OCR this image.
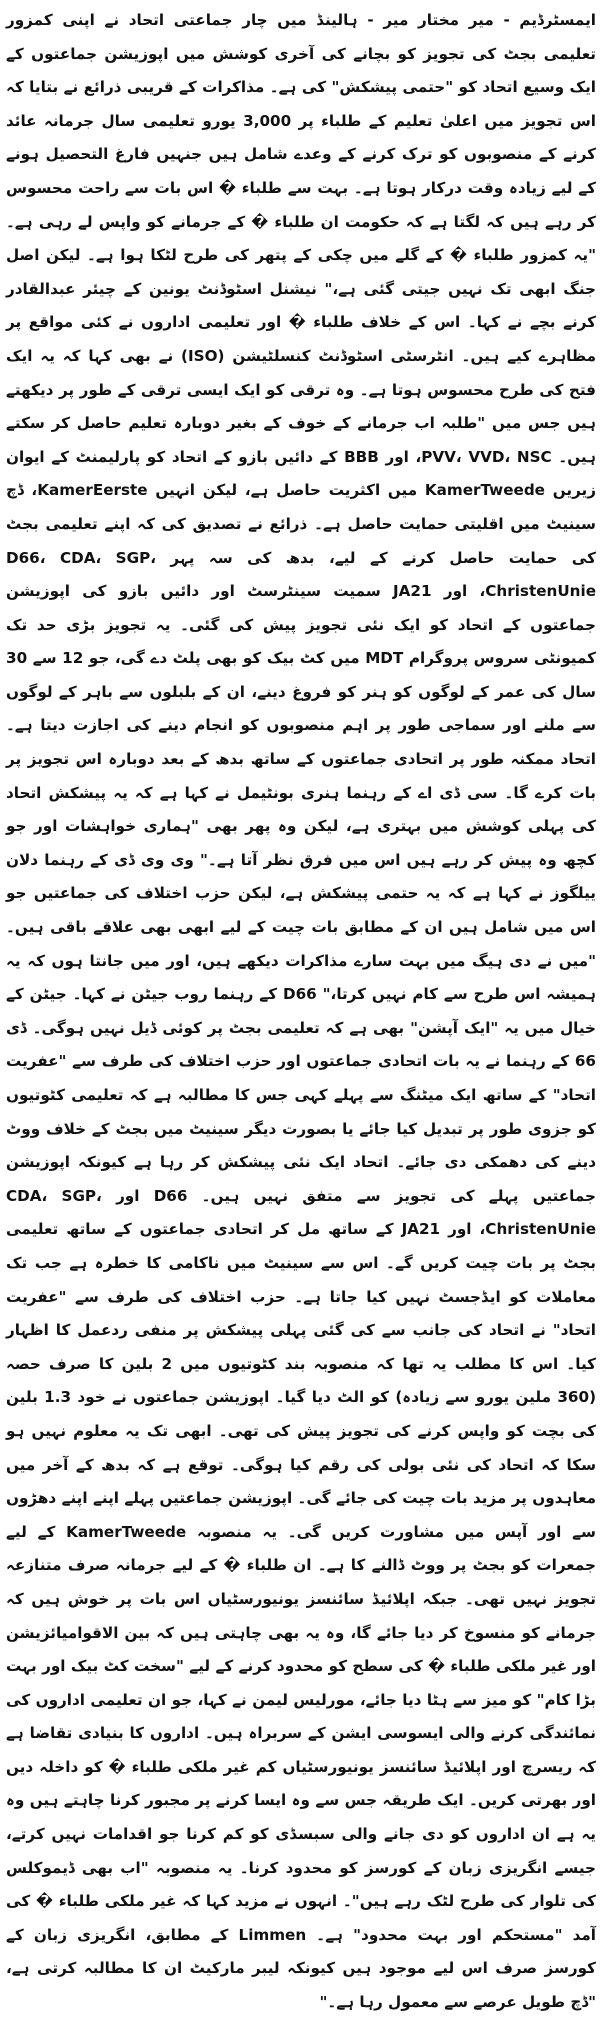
ایمسٹرڈیم - میر مختار میر - ہالینڈ میں چار جماعتی اتحاد نے اپنی کمزور تعلیمی بجٹ کی تجویز کو بچانے کی آخری کوشش میں اپوزیشن جماعتوں کے ایک وسیع اتحاد کو "حتمی پیشکش" کی ہے۔ مذاکرات کے قریبی ذرائع نے بتایا کہ اس تجویز میں اعلیٰ تعلیم کے طلباء پر 3,000 یورو تعلیمی سال جرمانہ عائد کرنے کے منصوبوں کو ترک کرنے کے وعدے شامل ہیں جنہیں فارغ التحصیل ہونے کے لیے زیادہ وقت درکار ہوتا ہے۔ بہت سے طلباء � اس بات سے راحت محسوس کر رہے ہیں کہ لگتا ہے کہ حکومت ان طلباء � کے جرمانے کو واپس لے رہی ہے۔ "یہ کمزور طلباء � کے گلے میں چکی کے پتھر کی طرح لٹکا ہوا ہے۔ لیکن اصل جنگ ابھی تک نہیں جیتی گئی ہے،" نیشنل اسٹوڈنٹ یونین کے چیئر عبدالقادر کرنے بچے نے کہا۔ اس کے خلاف طلباء � اور تعلیمی اداروں نے کئی مواقع پر مظاہرے کیے ہیں۔ انٹرسٹی اسٹوڈنٹ کنسلٹیشن (ISO) نے بھی کہا کہ یہ ایک فتح کی طرح محسوس ہوتا ہے۔ وہ ترقی کو ایک ایسی ترقی کے طور پر دیکھتے ہیں جس میں "طلبہ اب جرمانے کے خوف کے بغیر دوبارہ تعلیم حاصل کر سکتے ہیں۔ PVV، VVD، NSC، اور BBB کے دائیں بازو کے اتحاد کو پارلیمنٹ کے ایوان زیریں KamerTweede میں اکثریت حاصل ہے، لیکن انہیں KamerEerste، ڈچ سینیٹ میں اقلیتی حمایت حاصل ہے۔ ذرائع نے تصدیق کی کہ اپنے تعلیمی بجٹ کی حمایت حاصل کرنے کے لیے، بدھ کی سہ پہر D66، CDA، SGP، ChristenUnie، اور JA21 سمیت سینٹرسٹ اور دائیں بازو کی اپوزیشن جماعتوں کے اتحاد کو ایک نئی تجویز پیش کی گئی۔ یہ تجویز بڑی حد تک کمیونٹی سروس پروگرام MDT میں کٹ بیک کو بھی پلٹ دے گی، جو 12 سے 30 سال کی عمر کے لوگوں کو ہنر کو فروغ دینے، ان کے بلبلوں سے باہر کے لوگوں سے ملنے اور سماجی طور پر اہم منصوبوں کو انجام دینے کی اجازت دیتا ہے۔ اتحاد ممکنہ طور پر اتحادی جماعتوں کے ساتھ بدھ کے بعد دوبارہ اس تجویز پر بات کرے گا۔ سی ڈی اے کے رہنما ہنری بونٹیمل نے کہا ہے کہ یہ پیشکش اتحاد کی پہلی کوشش میں بہتری ہے، لیکن وہ پھر بھی "ہماری خواہشات اور جو کچھ وہ پیش کر رہے ہیں اس میں فرق نظر آتا ہے۔" وی وی ڈی کے رہنما دلان ییلگوز نے کہا ہے کہ یہ حتمی پیشکش ہے، لیکن حزب اختلاف کی جماعتیں جو اس میں شامل ہیں ان کے مطابق بات چیت کے لیے ابھی بھی علاقے باقی ہیں۔ "میں نے دی ہیگ میں بہت سارے مذاکرات دیکھے ہیں، اور میں جانتا ہوں کہ یہ ہمیشہ اس طرح سے کام نہیں کرتا،" D66 کے رہنما روب جیٹن نے کہا۔ جیٹن کے خیال میں یہ "ایک آپشن" بھی ہے کہ تعلیمی بجٹ پر کوئی ڈیل نہیں ہوگی۔ ڈی 66 کے رہنما نے یہ بات اتحادی جماعتوں اور حزب اختلاف کی طرف سے "عفریت اتحاد" کے ساتھ ایک میٹنگ سے پہلے کہی جس کا مطالبہ ہے کہ تعلیمی کٹوتیوں کو جزوی طور پر تبدیل کیا جائے یا بصورت دیگر سینیٹ میں بجٹ کے خلاف ووٹ دینے کی دھمکی دی جائے۔ اتحاد ایک نئی پیشکش کر رہا ہے کیونکہ اپوزیشن جماعتیں پہلے کی تجویز سے متفق نہیں ہیں۔ D66 اور CDA، SGP، ChristenUnie، اور JA21 کے ساتھ مل کر اتحادی جماعتوں کے ساتھ تعلیمی بجٹ پر بات چیت کریں گے۔ اس سے سینیٹ میں ناکامی کا خطرہ ہے جب تک معاملات کو ایڈجسٹ نہیں کیا جاتا ہے۔ حزب اختلاف کی طرف سے "عفریت اتحاد" نے اتحاد کی جانب سے کی گئی پہلی پیشکش پر منفی ردعمل کا اظہار کیا۔ اس کا مطلب یہ تھا کہ منصوبہ بند کٹوتیوں میں 2 بلین کا صرف حصہ (360 ملین یورو سے زیادہ) کو الٹ دیا گیا۔ اپوزیشن جماعتوں نے خود 1.3 بلین کی بچت کو واپس کرنے کی تجویز پیش کی تھی۔ ابھی تک یہ معلوم نہیں ہو سکا کہ اتحاد کی نئی بولی کی رقم کیا ہوگی۔ توقع ہے کہ بدھ کے آخر میں معاہدوں پر مزید بات چیت کی جائے گی۔ اپوزیشن جماعتیں پہلے اپنے اپنے دھڑوں سے اور آپس میں مشاورت کریں گی۔ یہ منصوبہ KamerTweede کے لیے جمعرات کو بجٹ پر ووٹ ڈالنے کا ہے۔ ان طلباء � کے لیے جرمانہ صرف متنازعہ تجویز نہیں تھی۔ جبکہ اپلائیڈ سائنسز یونیورسٹیاں اس بات پر خوش ہیں کہ جرمانے کو منسوخ کر دیا جائے گا، وہ یہ بھی چاہتی ہیں کہ بین الاقوامیائزیشن اور غیر ملکی طلباء � کی سطح کو محدود کرنے کے لیے "سخت کٹ بیک اور بہت بڑا کام" کو میز سے ہٹا دیا جائے، مورلیس لیمن نے کہا، جو ان تعلیمی اداروں کی نمائندگی کرنے والی ایسوسی ایشن کے سربراہ ہیں۔ اداروں کا بنیادی تقاضا ہے کہ ریسرچ اور اپلائیڈ سائنسز یونیورسٹیاں کم غیر ملکی طلباء � کو داخلہ دیں اور بھرتی کریں۔ ایک طریقہ جس سے وہ ایسا کرنے پر مجبور کرنا چاہتے ہیں وہ یہ ہے ان اداروں کو دی جانے والی سبسڈی کو کم کرنا جو اقدامات نہیں کرتے، جیسے انگریزی زبان کے کورسز کو محدود کرنا۔ یہ منصوبہ "اب بھی ڈیموکلس کی تلوار کی طرح لٹک رہے ہیں"۔ انہوں نے مزید کہا کہ غیر ملکی طلباء � کی آمد "مستحکم اور بہت محدود" ہے۔ Limmen کے مطابق، انگریزی زبان کے کورسز صرف اس لیے موجود ہیں کیونکہ لیبر مارکیٹ ان کا مطالبہ کرتی ہے، "ڈچ طویل عرصے سے معمول رہا ہے۔"
